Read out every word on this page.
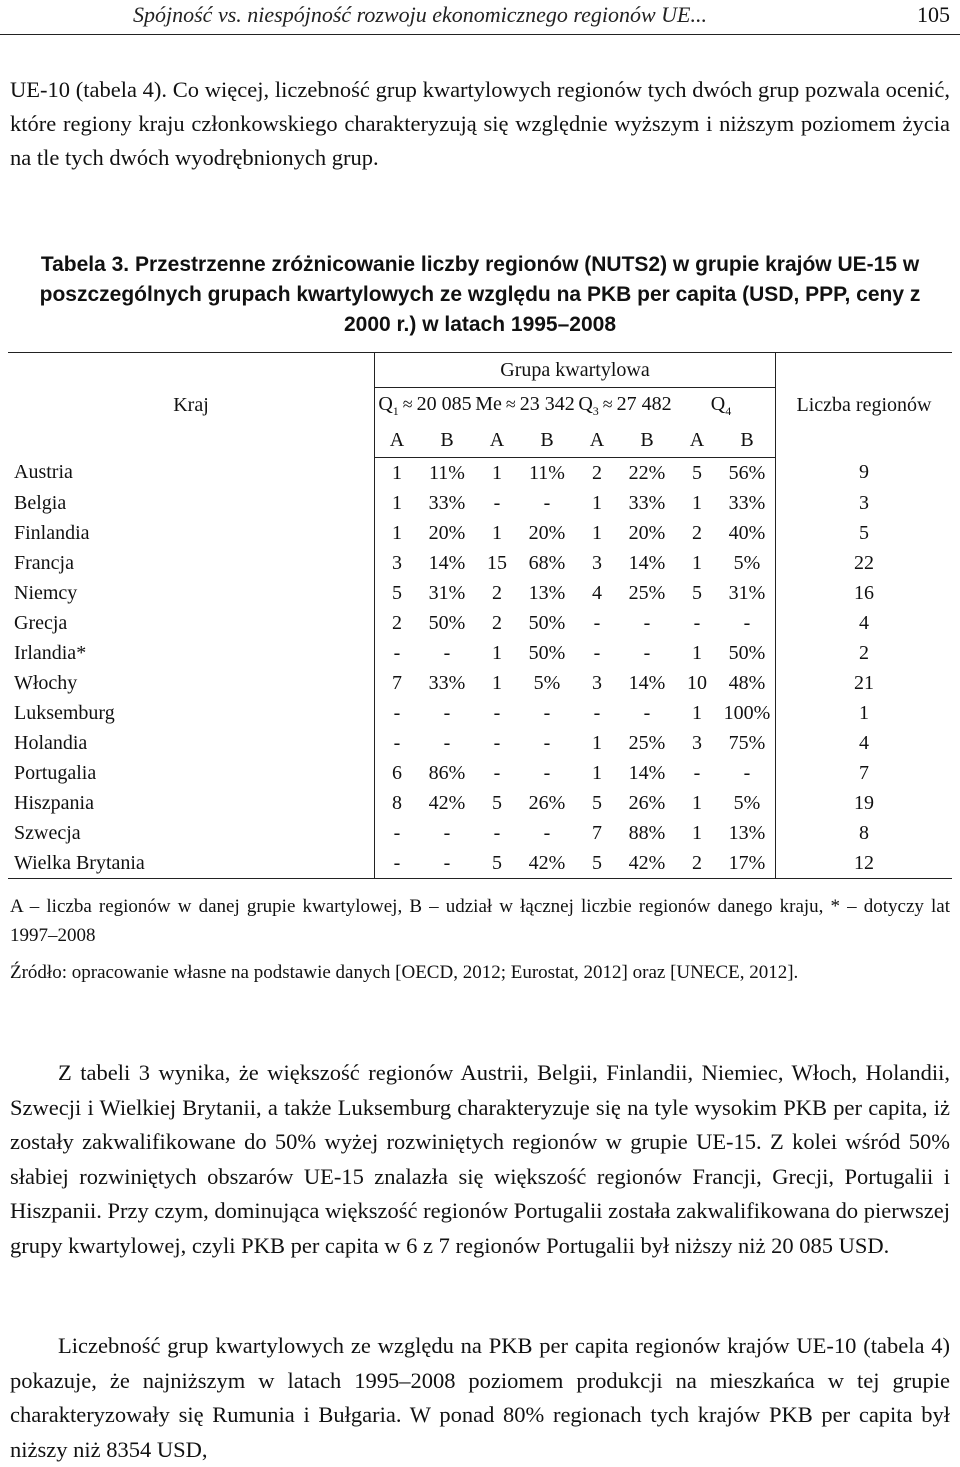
Spójność vs. niespójność rozwoju ekonomicznego regionów UE...	105

UE-10 (tabela 4). Co więcej, liczebność grup kwartylowych regionów tych dwóch grup pozwala ocenić, które regiony kraju członkowskiego charakteryzują się względnie wyższym i niższym poziomem życia na tle tych dwóch wyodrębnionych grup.

Tabela 3. Przestrzenne zróżnicowanie liczby regionów (NUTS2) w grupie krajów UE-15 w poszczególnych grupach kwartylowych ze względu na PKB per capita (USD, PPP, ceny z 2000 r.) w latach 1995–2008
Kraj	Grupa kwartylowa								Liczba regionów
	$Q_1 \approx 20$ 085		Me ≈ 23 342		$Q_3 \approx 27$ 482		$Q_4$
	A	B	A	B	A	B	A	B	
Austria	1	11%	1	11%	2	22%	5	56%	9
Belgia	1	33%	-	-	1	33%	1	33%	3
Finlandia	1	20%	1	20%	1	20%	2	40%	5
Francja	3	14%	15	68%	3	14%	1	5%	22
Niemcy	5	31%	2	13%	4	25%	5	31%	16
Grecja	2	50%	2	50%	-	-	-	-	4
Irlandia*	-	-	1	50%	-	-	1	50%	2
Włochy	7	33%	1	5%	3	14%	10	48%	21
Luksemburg	-	-	-	-	-	-	1	100%	1
Holandia	-	-	-	-	1	25%	3	75%	4
Portugalia	6	86%	-	-	1	14%	-	-	7
Hiszpania	8	42%	5	26%	5	26%	1	5%	19
Szwecja	-	-	-	-	7	88%	1	13%	8
Wielka Brytania	-	-	5	42%	5	42%	2	17%	12

A – liczba regionów w danej grupie kwartylowej, B – udział w łącznej liczbie regionów danego kraju, * – dotyczy lat 1997–2008

Źródło: opracowanie własne na podstawie danych [OECD, 2012; Eurostat, 2012] oraz [UNECE, 2012].

Z tabeli 3 wynika, że większość regionów Austrii, Belgii, Finlandii, Niemiec, Włoch, Holandii, Szwecji i Wielkiej Brytanii, a także Luksemburg charakteryzuje się na tyle wysokim PKB per capita, iż zostały zakwalifikowane do 50% wyżej rozwiniętych regionów w grupie UE-15. Z kolei wśród 50% słabiej rozwiniętych obszarów UE-15 znalazła się większość regionów Francji, Grecji, Portugalii i Hiszpanii. Przy czym, dominująca większość regionów Portugalii została zakwalifikowana do pierwszej grupy kwartylowej, czyli PKB per capita w 6 z 7 regionów Portugalii był niższy niż 20 085 USD.

Liczebność grup kwartylowych ze względu na PKB per capita regionów krajów UE-10 (tabela 4) pokazuje, że najniższym w latach 1995–2008 poziomem produkcji na mieszkańca w tej grupie charakteryzowały się Rumunia i Bułgaria. W ponad 80% regionach tych krajów PKB per capita był niższy niż 8354 USD,
